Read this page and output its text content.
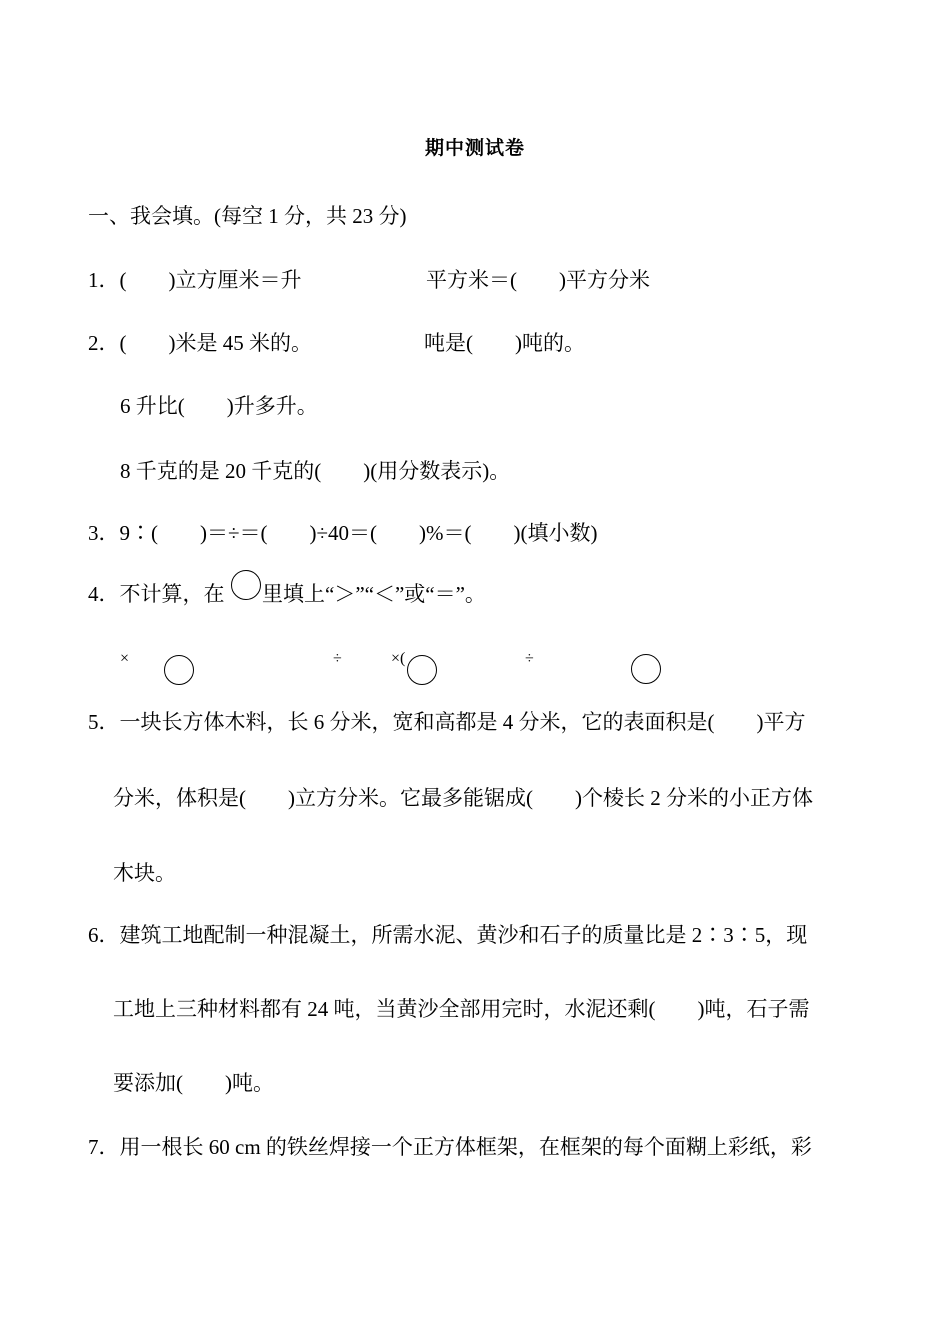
期中测试卷
一、我会填。(每空 1 分，共 23 分)
1．(　　)立方厘米＝升	平方米＝(　　)平方分米
2．(　　)米是 45 米的。	吨是(　　)吨的。
6 升比(　　)升多升。
8 千克的是 20 千克的(　　)(用分数表示)。
3．9∶(　　)＝÷＝(　　)÷40＝(　　)%＝(　　)(填小数)
4．不计算，在 里填上“＞”“＜”或“＝”。
×	÷	×(	÷
5．一块长方体木料，长 6 分米，宽和高都是 4 分米，它的表面积是(　　)平方
分米，体积是(　　)立方分米。它最多能锯成(　　)个棱长 2 分米的小正方体
木块。
6．建筑工地配制一种混凝土，所需水泥、黄沙和石子的质量比是 2∶3∶5，现
工地上三种材料都有 24 吨，当黄沙全部用完时，水泥还剩(　　)吨，石子需
要添加(　　)吨。
7．用一根长 60 cm 的铁丝焊接一个正方体框架，在框架的每个面糊上彩纸，彩
